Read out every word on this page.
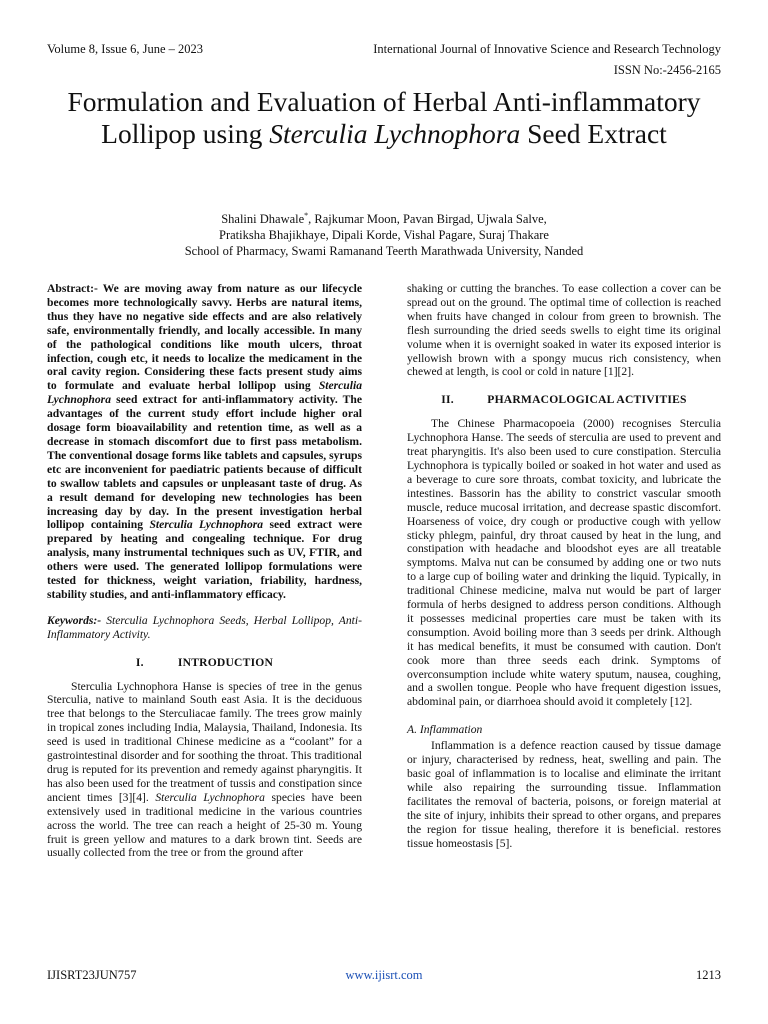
Volume 8, Issue 6, June – 2023	International Journal of Innovative Science and Research Technology
ISSN No:-2456-2165
Formulation and Evaluation of Herbal Anti-inflammatory Lollipop using Sterculia Lychnophora Seed Extract
Shalini Dhawale*, Rajkumar Moon, Pavan Birgad, Ujwala Salve,
Pratiksha Bhajikhaye, Dipali Korde, Vishal Pagare, Suraj Thakare
School of Pharmacy, Swami Ramanand Teerth Marathwada University, Nanded

Abstract:- We are moving away from nature as our lifecycle becomes more technologically savvy. Herbs are natural items, thus they have no negative side effects and are also relatively safe, environmentally friendly, and locally accessible. In many of the pathological conditions like mouth ulcers, throat infection, cough etc, it needs to localize the medicament in the oral cavity region. Considering these facts present study aims to formulate and evaluate herbal lollipop using Sterculia Lychnophora seed extract for anti-inflammatory activity. The advantages of the current study effort include higher oral dosage form bioavailability and retention time, as well as a decrease in stomach discomfort due to first pass metabolism. The conventional dosage forms like tablets and capsules, syrups etc are inconvenient for paediatric patients because of difficult to swallow tablets and capsules or unpleasant taste of drug. As a result demand for developing new technologies has been increasing day by day. In the present investigation herbal lollipop containing Sterculia Lychnophora seed extract were prepared by heating and congealing technique. For drug analysis, many instrumental techniques such as UV, FTIR, and others were used. The generated lollipop formulations were tested for thickness, weight variation, friability, hardness, stability studies, and anti-inflammatory efficacy.

Keywords:- Sterculia Lychnophora Seeds, Herbal Lollipop, Anti-Inflammatory Activity.

I.	INTRODUCTION

Sterculia Lychnophora Hanse is species of tree in the genus Sterculia, native to mainland South east Asia. It is the deciduous tree that belongs to the Sterculiacae family. The trees grow mainly in tropical zones including India, Malaysia, Thailand, Indonesia. Its seed is used in traditional Chinese medicine as a “coolant” for a gastrointestinal disorder and for soothing the throat. This traditional drug is reputed for its prevention and remedy against pharyngitis. It has also been used for the treatment of tussis and constipation since ancient times [3][4]. Sterculia Lychnophora species have been extensively used in traditional medicine in the various countries across the world. The tree can reach a height of 25-30 m. Young fruit is green yellow and matures to a dark brown tint. Seeds are usually collected from the tree or from the ground after

shaking or cutting the branches. To ease collection a cover can be spread out on the ground. The optimal time of collection is reached when fruits have changed in colour from green to brownish. The flesh surrounding the dried seeds swells to eight time its original volume when it is overnight soaked in water its exposed interior is yellowish brown with a spongy mucus rich consistency, when chewed at length, is cool or cold in nature [1][2].

II.	PHARMACOLOGICAL ACTIVITIES

The Chinese Pharmacopoeia (2000) recognises Sterculia Lychnophora Hanse. The seeds of sterculia are used to prevent and treat pharyngitis. It's also been used to cure constipation. Sterculia Lychnophora is typically boiled or soaked in hot water and used as a beverage to cure sore throats, combat toxicity, and lubricate the intestines. Bassorin has the ability to constrict vascular smooth muscle, reduce mucosal irritation, and decrease spastic discomfort. Hoarseness of voice, dry cough or productive cough with yellow sticky phlegm, painful, dry throat caused by heat in the lung, and constipation with headache and bloodshot eyes are all treatable symptoms. Malva nut can be consumed by adding one or two nuts to a large cup of boiling water and drinking the liquid. Typically, in traditional Chinese medicine, malva nut would be part of larger formula of herbs designed to address person conditions. Although it possesses medicinal properties care must be taken with its consumption. Avoid boiling more than 3 seeds per drink. Although it has medical benefits, it must be consumed with caution. Don't cook more than three seeds each drink. Symptoms of overconsumption include white watery sputum, nausea, coughing, and a swollen tongue. People who have frequent digestion issues, abdominal pain, or diarrhoea should avoid it completely [12].

A. Inflammation

Inflammation is a defence reaction caused by tissue damage or injury, characterised by redness, heat, swelling and pain. The basic goal of inflammation is to localise and eliminate the irritant while also repairing the surrounding tissue. Inflammation facilitates the removal of bacteria, poisons, or foreign material at the site of injury, inhibits their spread to other organs, and prepares the region for tissue healing, therefore it is beneficial. restores tissue homeostasis [5].

IJISRT23JUN757	www.ijisrt.com	1213
